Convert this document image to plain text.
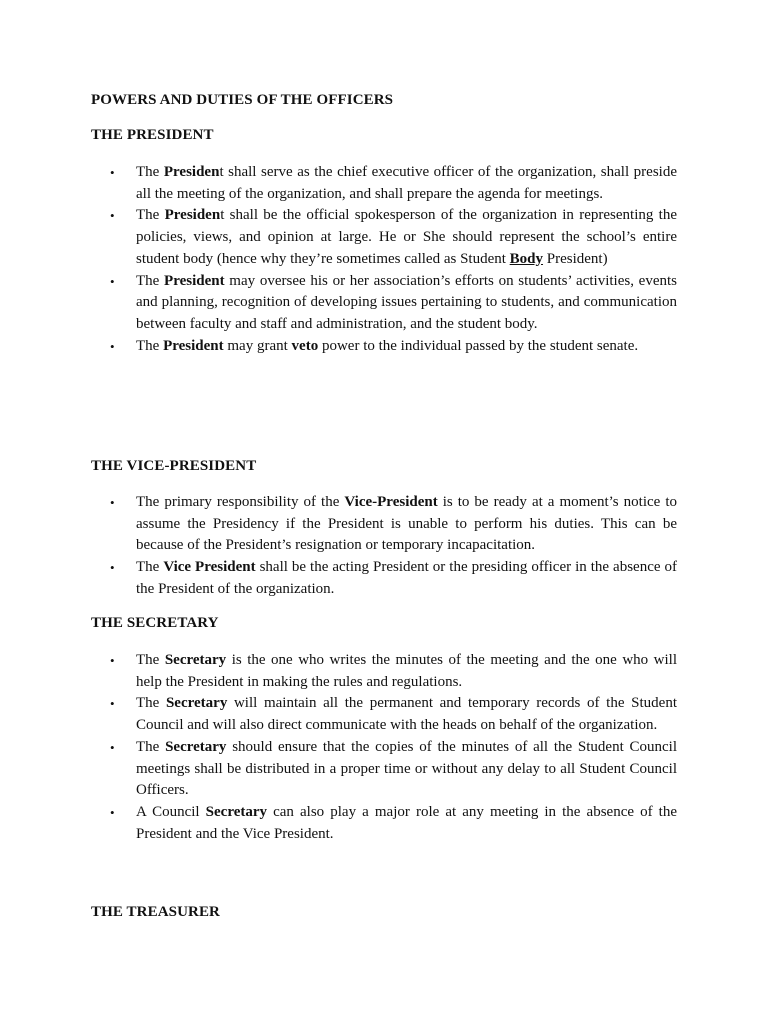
POWERS AND DUTIES OF THE OFFICERS
THE PRESIDENT
• The President shall serve as the chief executive officer of the organization, shall preside all the meeting of the organization, and shall prepare the agenda for meetings.
• The President shall be the official spokesperson of the organization in representing the policies, views, and opinion at large. He or She should represent the school’s entire student body (hence why they’re sometimes called as Student Body President)
• The President may oversee his or her association’s efforts on students’ activities, events and planning, recognition of developing issues pertaining to students, and communication between faculty and staff and administration, and the student body.
• The President may grant veto power to the individual passed by the student senate.
THE VICE-PRESIDENT
• The primary responsibility of the Vice-President is to be ready at a moment’s notice to assume the Presidency if the President is unable to perform his duties. This can be because of the President’s resignation or temporary incapacitation.
• The Vice President shall be the acting President or the presiding officer in the absence of the President of the organization.
THE SECRETARY
• The Secretary is the one who writes the minutes of the meeting and the one who will help the President in making the rules and regulations.
• The Secretary will maintain all the permanent and temporary records of the Student Council and will also direct communicate with the heads on behalf of the organization.
• The Secretary should ensure that the copies of the minutes of all the Student Council meetings shall be distributed in a proper time or without any delay to all Student Council Officers.
• A Council Secretary can also play a major role at any meeting in the absence of the President and the Vice President.
THE TREASURER
